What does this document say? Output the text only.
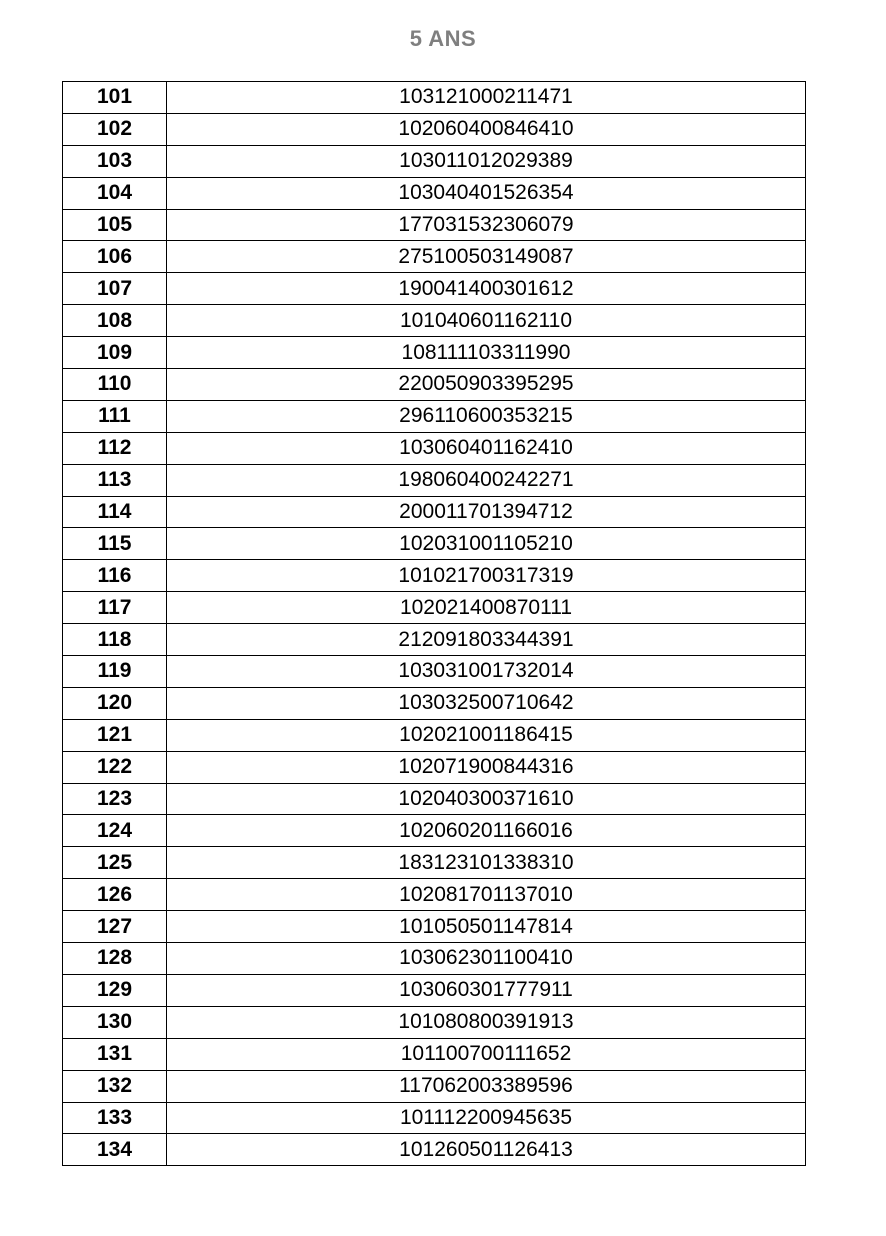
5 ANS
101	103121000211471
102	102060400846410
103	103011012029389
104	103040401526354
105	177031532306079
106	275100503149087
107	190041400301612
108	101040601162110
109	108111103311990
110	220050903395295
111	296110600353215
112	103060401162410
113	198060400242271
114	200011701394712
115	102031001105210
116	101021700317319
117	102021400870111
118	212091803344391
119	103031001732014
120	103032500710642
121	102021001186415
122	102071900844316
123	102040300371610
124	102060201166016
125	183123101338310
126	102081701137010
127	101050501147814
128	103062301100410
129	103060301777911
130	101080800391913
131	101100700111652
132	117062003389596
133	101112200945635
134	101260501126413
